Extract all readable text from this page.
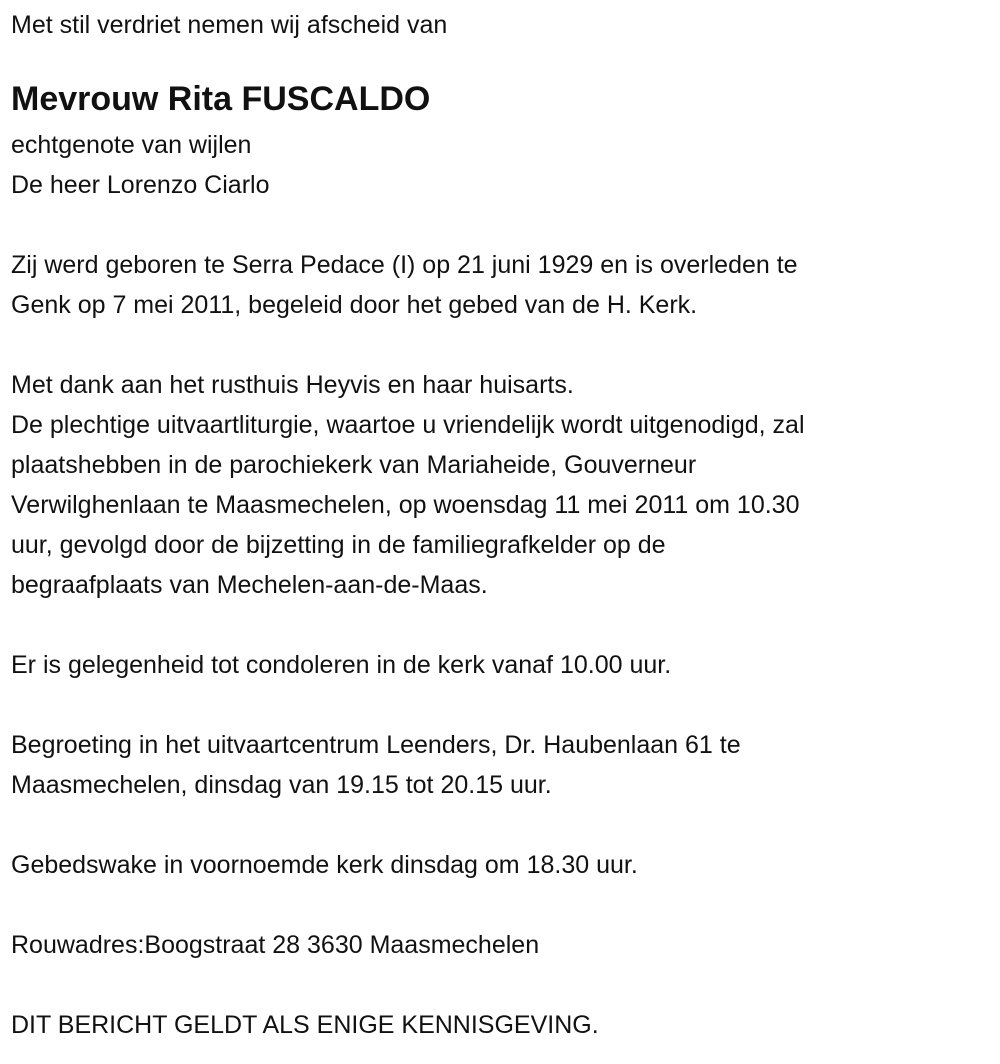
Met stil verdriet nemen wij afscheid van
Mevrouw Rita FUSCALDO
echtgenote van wijlen
De heer Lorenzo Ciarlo
Zij werd geboren te Serra Pedace (I) op 21 juni 1929 en is overleden te
Genk op 7 mei 2011, begeleid door het gebed van de H. Kerk.
Met dank aan het rusthuis Heyvis en haar huisarts.
De plechtige uitvaartliturgie, waartoe u vriendelijk wordt uitgenodigd, zal
plaatshebben in de parochiekerk van Mariaheide, Gouverneur
Verwilghenlaan te Maasmechelen, op woensdag 11 mei 2011 om 10.30
uur, gevolgd door de bijzetting in de familiegrafkelder op de
begraafplaats van Mechelen-aan-de-Maas.
Er is gelegenheid tot condoleren in de kerk vanaf 10.00 uur.
Begroeting in het uitvaartcentrum Leenders, Dr. Haubenlaan 61 te
Maasmechelen, dinsdag van 19.15 tot 20.15 uur.
Gebedswake in voornoemde kerk dinsdag om 18.30 uur.
Rouwadres:Boogstraat 28 3630 Maasmechelen
DIT BERICHT GELDT ALS ENIGE KENNISGEVING.
